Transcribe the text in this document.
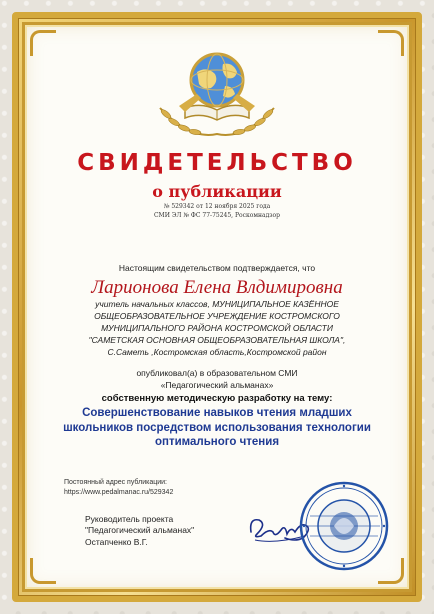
СВИДЕТЕЛЬСТВО
о публикации
№ 529342 от 12 ноября 2025 года
СМИ ЭЛ № ФС 77-75245, Роскомнадзор
Настоящим свидетельством подтверждается, что
Ларионова Елена Влдимировна
учитель начальных классов, МУНИЦИПАЛЬНОЕ КАЗЁННОЕ
ОБЩЕОБРАЗОВАТЕЛЬНОЕ УЧРЕЖДЕНИЕ КОСТРОМСКОГО
МУНИЦИПАЛЬНОГО РАЙОНА КОСТРОМСКОЙ ОБЛАСТИ
"САМЕТСКАЯ ОСНОВНАЯ ОБЩЕОБРАЗОВАТЕЛЬНАЯ ШКОЛА",
С.Саметь ,Костромская область,Костромской район
опубликовал(а) в образовательном СМИ
«Педагогический альманах»
собственную методическую разработку на тему:
Совершенствование навыков чтения младших
школьников посредством использования технологии
оптимального чтения
Постоянный адрес публикации:
https://www.pedalmanac.ru/529342
Руководитель проекта
"Педагогический альманах"
Остапченко В.Г.
